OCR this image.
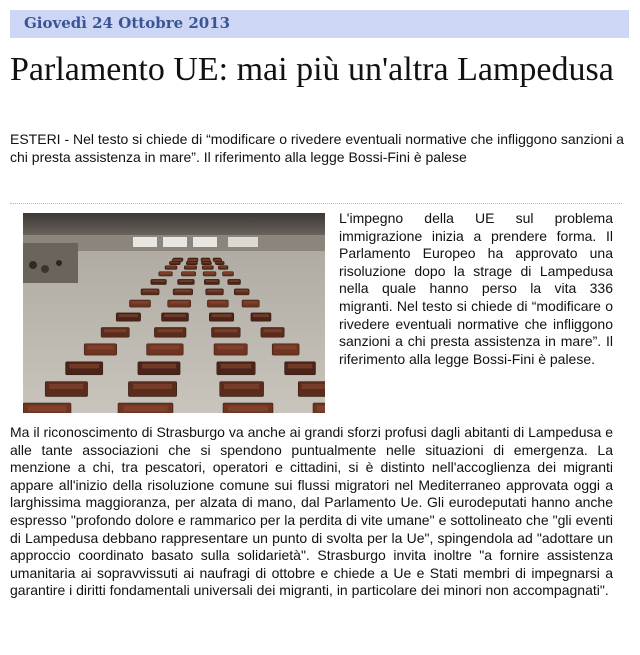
Giovedì 24 Ottobre 2013
Parlamento UE: mai più un'altra Lampedusa

ESTERI - Nel testo si chiede di “modificare o rivedere eventuali normative che infliggono sanzioni a chi presta assistenza in mare”. Il riferimento alla legge Bossi-Fini è palese

L'impegno della UE sul problema immigrazione inizia a prendere forma. Il Parlamento Europeo ha approvato una risoluzione dopo la strage di Lampedusa nella quale hanno perso la vita 336 migranti. Nel testo si chiede di “modificare o rivedere eventuali normative che infliggono sanzioni a chi presta assistenza in mare”. Il riferimento alla legge Bossi-Fini è palese.

Ma il riconoscimento di Strasburgo va anche ai grandi sforzi profusi dagli abitanti di Lampedusa e alle tante associazioni che si spendono puntualmente nelle situazioni di emergenza. La menzione a chi, tra pescatori, operatori e cittadini, si è distinto nell'accoglienza dei migranti appare all'inizio della risoluzione comune sui flussi migratori nel Mediterraneo approvata oggi a larghissima maggioranza, per alzata di mano, dal Parlamento Ue. Gli eurodeputati hanno anche espresso "profondo dolore e rammarico per la perdita di vite umane" e sottolineato che "gli eventi di Lampedusa debbano rappresentare un punto di svolta per la Ue", spingendola ad "adottare un approccio coordinato basato sulla solidarietà". Strasburgo invita inoltre "a fornire assistenza umanitaria ai sopravvissuti ai naufragi di ottobre e chiede a Ue e Stati membri di impegnarsi a garantire i diritti fondamentali universali dei migranti, in particolare dei minori non accompagnati".
